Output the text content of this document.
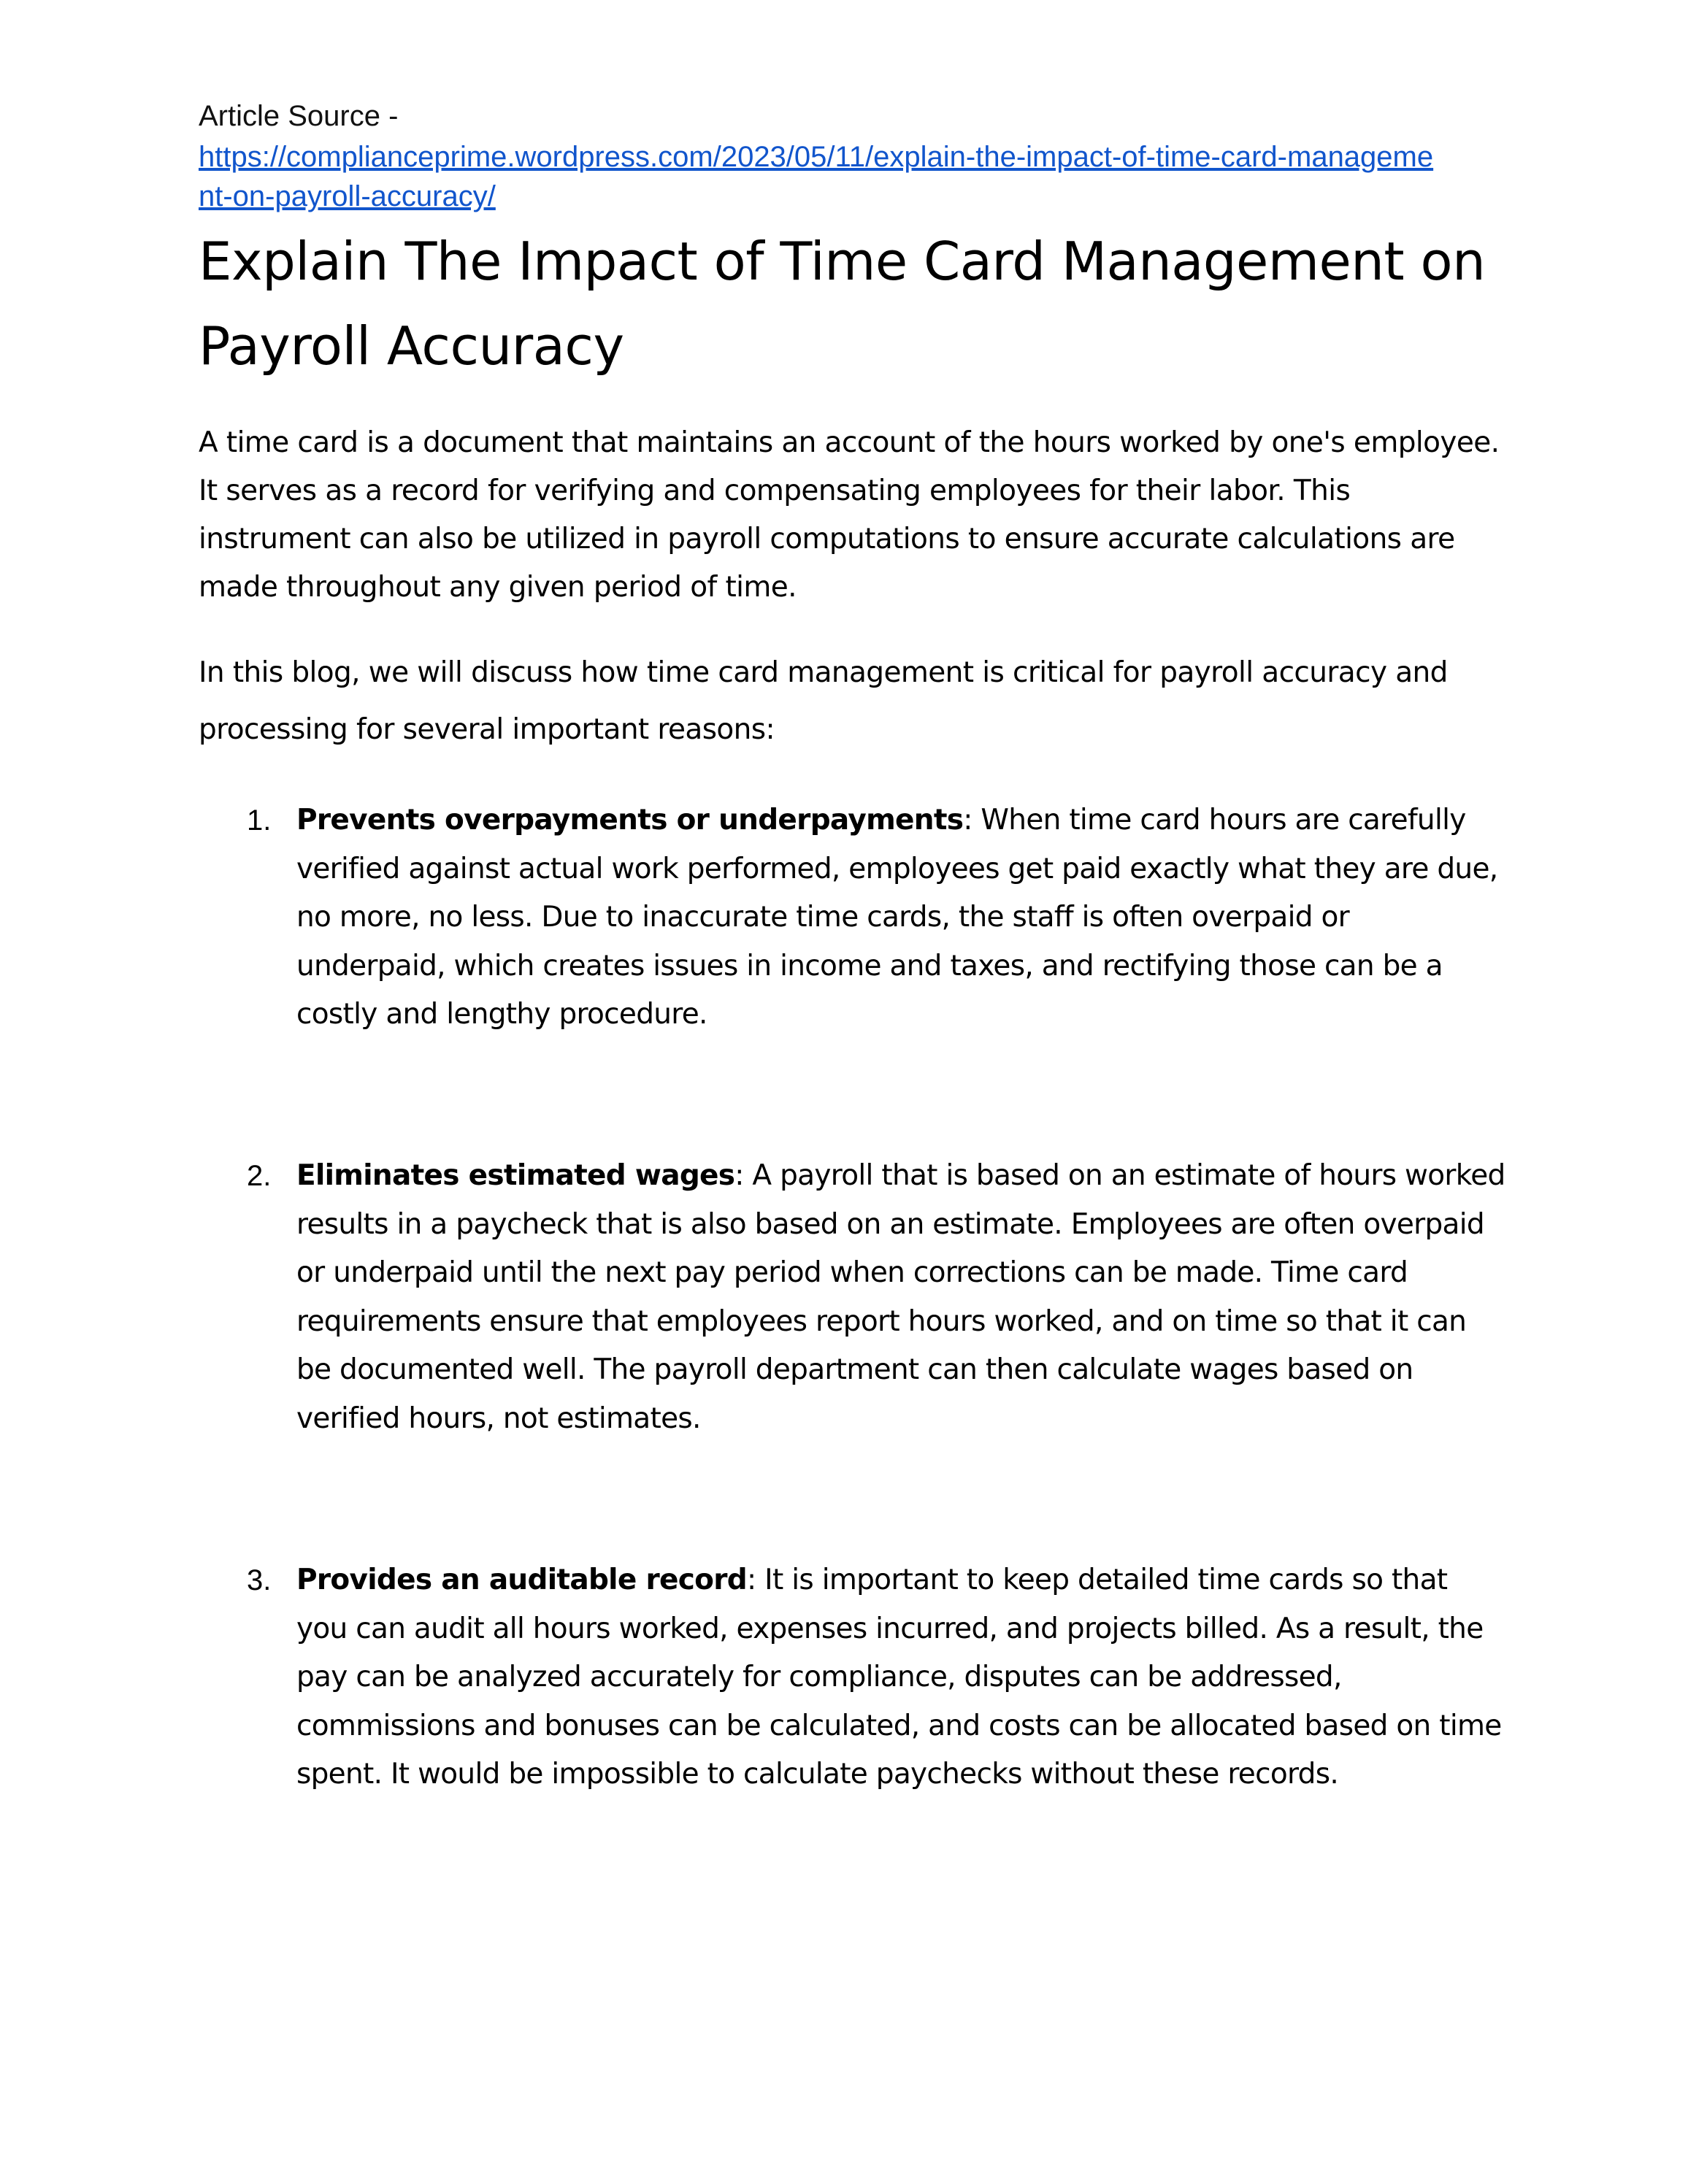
Article Source -

https://complianceprime.wordpress.com/2023/05/11/explain-the-impact-of-time-card-manageme
nt-on-payroll-accuracy/
Explain The Impact of Time Card Management on Payroll Accuracy

A time card is a document that maintains an account of the hours worked by one's employee. It serves as a record for verifying and compensating employees for their labor. This instrument can also be utilized in payroll computations to ensure accurate calculations are made throughout any given period of time.

In this blog, we will discuss how time card management is critical for payroll accuracy and processing for several important reasons:

1. Prevents overpayments or underpayments: When time card hours are carefully verified against actual work performed, employees get paid exactly what they are due, no more, no less. Due to inaccurate time cards, the staff is often overpaid or underpaid, which creates issues in income and taxes, and rectifying those can be a costly and lengthy procedure.

2. Eliminates estimated wages: A payroll that is based on an estimate of hours worked results in a paycheck that is also based on an estimate. Employees are often overpaid or underpaid until the next pay period when corrections can be made. Time card requirements ensure that employees report hours worked, and on time so that it can be documented well. The payroll department can then calculate wages based on verified hours, not estimates.

3. Provides an auditable record: It is important to keep detailed time cards so that you can audit all hours worked, expenses incurred, and projects billed. As a result, the pay can be analyzed accurately for compliance, disputes can be addressed, commissions and bonuses can be calculated, and costs can be allocated based on time spent. It would be impossible to calculate paychecks without these records.
